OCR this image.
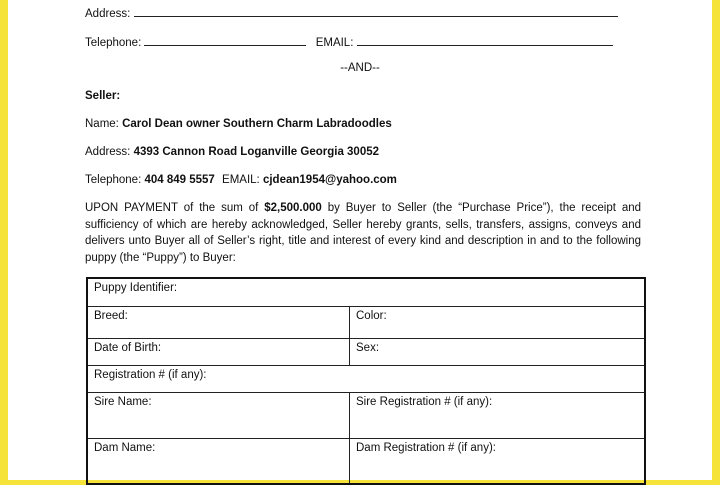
Address:
Telephone:	EMAIL:
--AND--
Seller:
Name: Carol Dean owner Southern Charm Labradoodles
Address: 4393 Cannon Road Loganville Georgia 30052
Telephone: 404 849 5557 EMAIL: cjdean1954@yahoo.com
UPON PAYMENT of the sum of $2,500.000 by Buyer to Seller (the “Purchase Price”), the receipt and sufficiency of which are hereby acknowledged, Seller hereby grants, sells, transfers, assigns, conveys and delivers unto Buyer all of Seller’s right, title and interest of every kind and description in and to the following puppy (the “Puppy”) to Buyer:
Puppy Identifier:	
Breed:	Color:
Date of Birth:	Sex:
Registration # (if any):	
Sire Name:	Sire Registration # (if any):
Dam Name:	Dam Registration # (if any):
